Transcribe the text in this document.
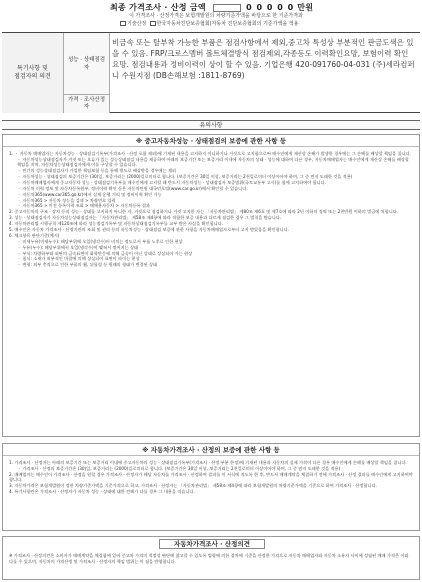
최종 가격조사 · 산정 금액	0 0 0 0 0 만원
이 가격조사 · 산정가격은 보험개발원의 차량기준가액을 바탕으로 한 기준가격과
기술산정 한국자동차진단보증협회(자동차 진단보증협회의 기준가액을 적용
특기사항 및
점검자의 의견
성능 · 상태점검
자
가격 · 조사산정
자
비금속 또는 탈부착 가능한 부품은 점검사항에서 제외,중고차 특성상 부분적인 판금도색은 있을 수 있음. FRP/크로스멤버 볼트체결방식 점검제외,각종등도 이력확인요망, 보험이력 확인 요망. 점검내용과 정비이력이 상이 할 수 있음. 기업은행 420-091760-04-031 (주)세라컴퍼니 수원지점 (DB손해보험 :1811-8769)
유의사항
※ 중고자동차성능 · 상태점검의 보증에 관한 사항 등

1. ㆍ 자동차 매매업자는 자동차성능 · 상태점검기록부(가격조사 · 산정 포함 제외)에 기재된 내용을 고지하지 아니하거나 거짓으로 고지함으로써 매수인에게 재산상 손해가 발생한 경우에는 그 손해를 배상할 책임을 집니다.

ㆍ 자동차성능상태점검자가 거짓 또는 오류가 있는 성능상태점검 내용을 제공하여 아래의 보증기간 또는 보증거리 이내에 자동차의 상태 · 성능에 대하여 다른 경우, 자동차매매업자는 매수인에게 재산상 손해를 배상할 책임을 지며, 자동차성능상태점검자에게 이를 구상할 수 있습니다.

ㆍ 민간의 성능상태점검자가 가입한 책임보험 등을 통해 별도로 배상받을 경우에는 제외

ㆍ 자동차성능 · 상태점검의 보증기간은 (30)일, 보증거리는 (2000)킬로미터로 합니다. (보증기간은 30일 이상, 보증거리는 2천킬로미터 이상이어야 하며, 그 중 먼저 도래한 것을 적용)

ㆍ 자동차매매업자에게 중고자동차 성능 · 상태점검기록부를 매수인에게 고지할 때 반드시 자동차성능 · 상태점검자 보증범위(국토교통부 고시)를 함께 고지하여야 합니다.

ㆍ 자동차 이력 정보 및 자동차등록원부, 정비이력 확인 등은 자동차민원 대국민포털(www.car.go.kr)에서 확인할 수 있습니다.

ㆍ 자동차365(www.car365.go.kr)에서 실제 운행 거리 및 정비이력 확인 가능

ㆍ 자동차365 > 자동차 성능을 검색 > 차량번호 입력

ㆍ 자동차365 > 이전 등록이력 조회 > 매매용자동차 > 자동차등록 결과

2. 중고자동차의 구조 · 장치 등의 성능 · 상태를 고지하지 아니한 자, 거짓으로 점검하거나 거짓 고지한 자는 「자동차관리법」 제80조 제6호 및 제7호에 따라 2년 이하의 징역 또는 2천만원 이하의 벌금에 처합니다.

3. 성능 · 상태점검자가 자동차성능상태점검자는 「자동차관리법」 제58조 제4항에 따라 적합한 보증 내용과 다르게 점검한 경우 그 벌칙을 받습니다.

4. 자동차관리법 시행규칙 제120조에 따라 성능점검기록부 및 자동차상태점검기록부를 교부 받은 사실을 확인합니다.

5. 매수인은 자동차 가격조사 · 산정기관의 조회 및 권리 등의 자동차성능 · 상태점검 보증에 관한 사항을 자동차매매업자로부터 고지 받았음을 확인합니다.

6. 체크항목 판단기준(예시)

ㆍ 미세누유(미세누수): 해당부위에 오일(냉각수)이 비치는 정도로서 부품 노후로 인한 현상

ㆍ 누유(누수): 해당부위에서 오일(냉각수)이 맺혀서 떨어지는 상태

ㆍ 부식: 차량하부와 외판의 금속표면이 화학반응에 의해 금속이 아닌 상태로 상실되어 가는 현상

ㆍ 침식: 소재가 외부적인 마찰에 의해 상실되어 표면이 파이는 현상

ㆍ 변형: 외부 충격으로 인한 부품의 휨, 뒤틀림 등 원래의 형태가 변경된 상태

※ 자동차가격조사 · 산정의 보증에 관한 사항 등

1. 가격조사 · 산정자는 아래의 보증기간 또는 보증거리 이내에 중고자동차의 성능 · 상태점검기록부(가격조사 · 산정 부분 한정)에 기재된 내용과 자동차의 실제 가격이 다른 경우 매수인에게 손해를 배상할 책임을 집니다.

ㆍ 가격조사 · 산정의 보증기간은 (30)일, 보증거리는 (2000)킬로미터로 합니다. (보증기간은 30일 이상, 보증거리는 2천킬로미터 이상이어야 하며, 그 중 먼저 도래한 것을 적용)

2. 매매업자는 매수인이 가격조사 · 산정을 원할 경우 가격조사 · 산정자가 해당 자동차를 가격조사 · 산정하여 결과를 이 서식에 적도록 한 후, 반드시 매매계약을 체결하기 전에 가격조사 · 산정 결과를 매수인에게 고지하여야 합니다.

3. 자동차가격은 보험개발원이 정한 차량기준가액을 기준가격으로 하고, 가격조사 · 산정자는 「자동차관리법」 제58조 제4항에 따라 보험개발원의 차량기준가액을 기준으로 하여 가격조사 · 산정합니다.

4. 특기사항란은 가격조사 · 산정자가 자동차 성능 · 상태에 대한 견해가 다를 경우 그 내용을 적습니다.

자동차가격조사 · 산정의견
※ 가격조사 · 산정의견은 소비자가 매매계약을 체결함에 있어 중고차 가격의 적정성 판단에 참고할 수 있도록 법령에 의한 절차에 기준을 산정한 가격으로 자동차 매매업자와 자동차 소유자 사이에 성립된 매매 가격은 이와 다를 수 있으며, 자동차의 가격산정 및 가격조사 · 산정자의 책임 범위는 이 점을 반영합니다.
